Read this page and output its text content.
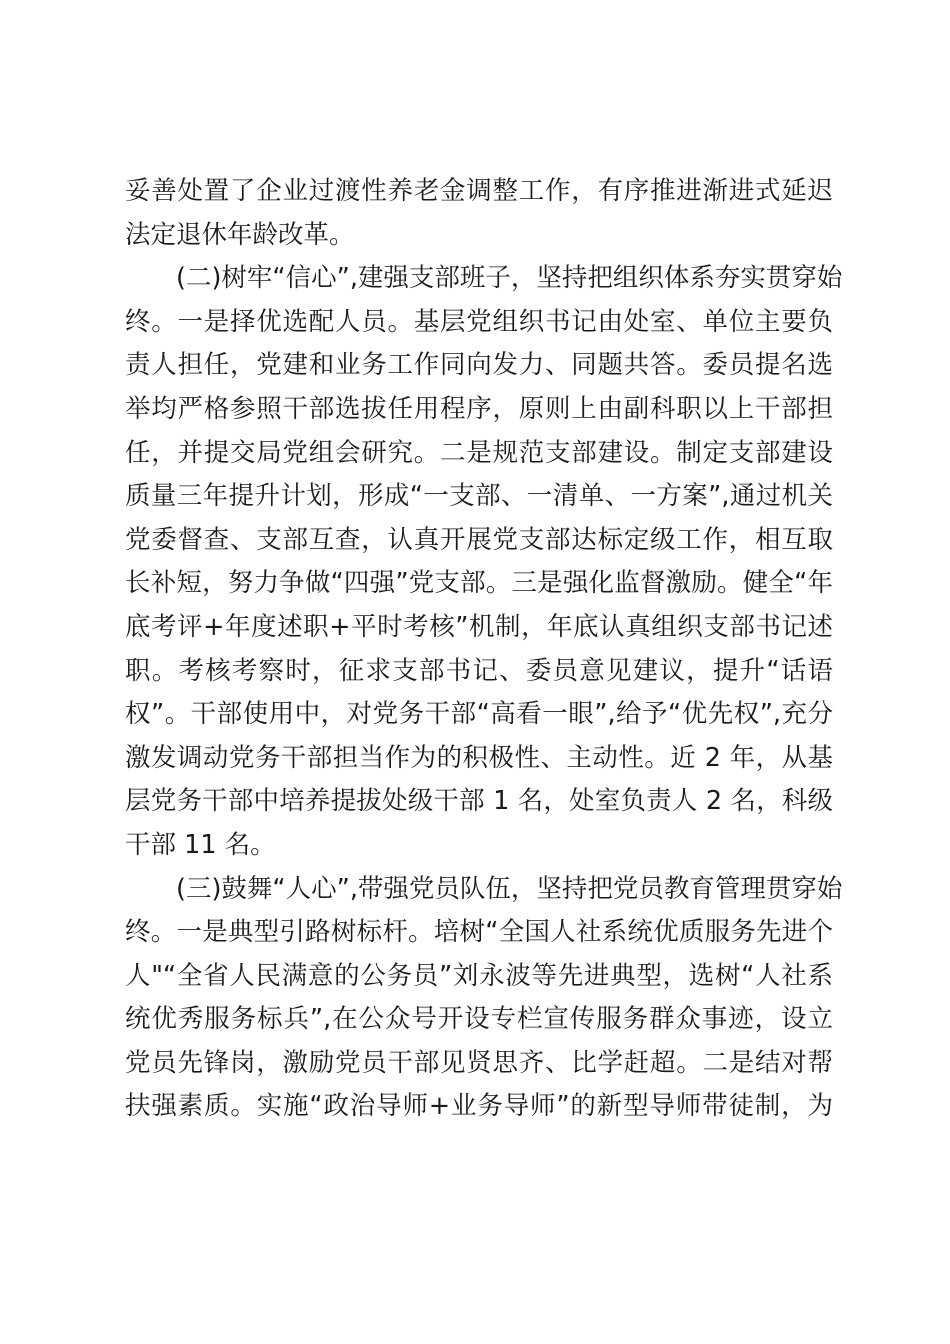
妥善处置了企业过渡性养老金调整工作，有序推进渐进式延迟
法定退休年龄改革。
(二)树牢“信心”,建强支部班子，坚持把组织体系夯实贯穿始
终。一是择优选配人员。基层党组织书记由处室、单位主要负
责人担任，党建和业务工作同向发力、同题共答。委员提名选
举均严格参照干部选拔任用程序，原则上由副科职以上干部担
任，并提交局党组会研究。二是规范支部建设。制定支部建设
质量三年提升计划，形成“一支部、一清单、一方案”,通过机关
党委督查、支部互查，认真开展党支部达标定级工作，相互取
长补短，努力争做“四强”党支部。三是强化监督激励。健全“年
底考评+年度述职+平时考核”机制，年底认真组织支部书记述
职。考核考察时，征求支部书记、委员意见建议，提升“话语
权”。干部使用中，对党务干部“高看一眼”,给予“优先权”,充分
激发调动党务干部担当作为的积极性、主动性。近 2 年，从基
层党务干部中培养提拔处级干部 1 名，处室负责人 2 名，科级
干部 11 名。
(三)鼓舞“人心”,带强党员队伍，坚持把党员教育管理贯穿始
终。一是典型引路树标杆。培树“全国人社系统优质服务先进个
人"“全省人民满意的公务员”刘永波等先进典型，选树“人社系
统优秀服务标兵”,在公众号开设专栏宣传服务群众事迹，设立
党员先锋岗，激励党员干部见贤思齐、比学赶超。二是结对帮
扶强素质。实施“政治导师+业务导师”的新型导师带徒制，为
